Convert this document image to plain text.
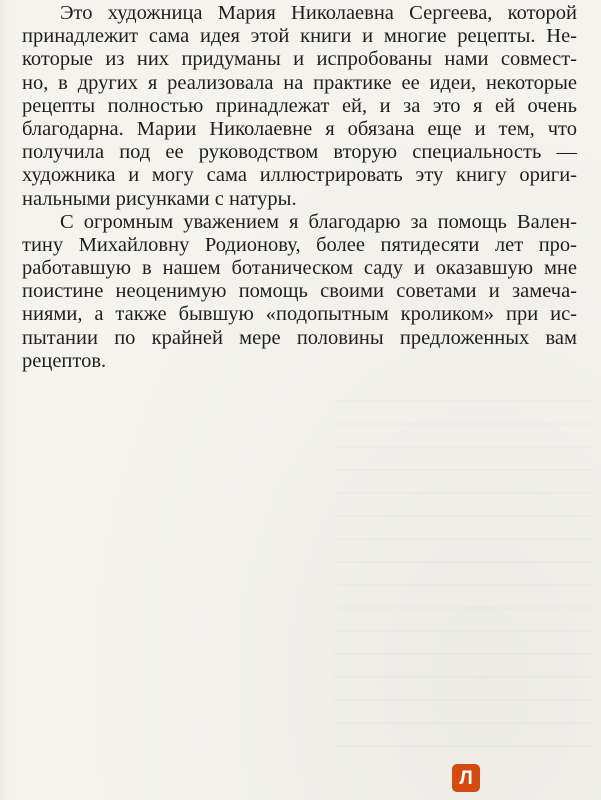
Это художница Мария Николаевна Сергеева, которой
принадлежит сама идея этой книги и многие рецепты. Не-
которые из них придуманы и испробованы нами совмест-
но, в других я реализовала на практике ее идеи, некоторые
рецепты полностью принадлежат ей, и за это я ей очень
благодарна. Марии Николаевне я обязана еще и тем, что
получила под ее руководством вторую специальность —
художника и могу сама иллюстрировать эту книгу ориги-
нальными рисунками с натуры.
С огромным уважением я благодарю за помощь Вален-
тину Михайловну Родионову, более пятидесяти лет про-
работавшую в нашем ботаническом саду и оказавшую мне
поистине неоценимую помощь своими советами и замеча-
ниями, а также бывшую «подопытным кроликом» при ис-
пытании по крайней мере половины предложенных вам
рецептов.
Л
